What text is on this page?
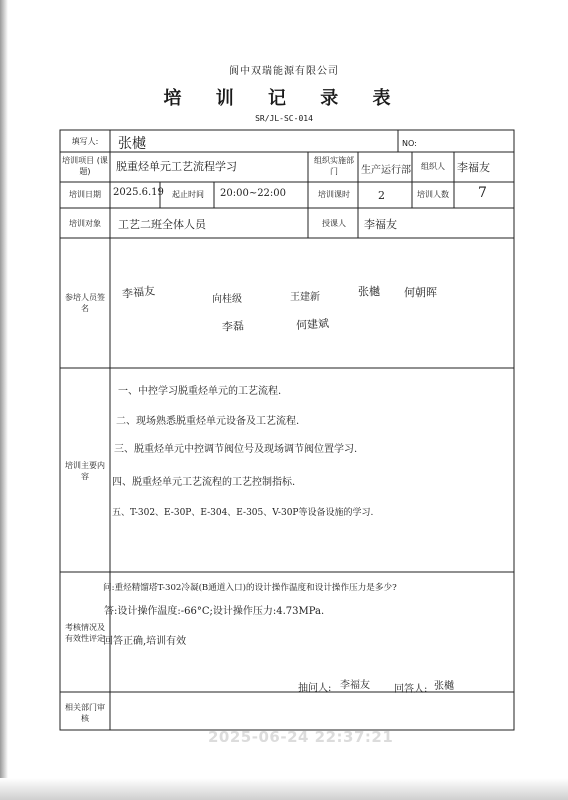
阆中双瑞能源有限公司
培 训 记 录 表
SR/JL-SC-014
填写人:	张樾	NO:
培训项目 (课题)	脱重烃单元工艺流程学习	组织实施部门	生产运行部	组织人	李福友
培训日期	2025.6.19	起止时间	20:00~22:00	培训课时	2	培训人数 7
培训对象	工艺二班全体人员	授课人	李福友
参培人员签名
李福友	向桂级	王建新	张樾 何朝晖
李磊	何建斌
培训主要内容
一、中控学习脱重烃单元的工艺流程.
二、现场熟悉脱重烃单元设备及工艺流程.
三、脱重烃单元中控调节阀位号及现场调节阀位置学习.
四、脱重烃单元工艺流程的工艺控制指标.
五、T-302、E-30P、E-304、E-305、V-30P等设备设施的学习.
考核情况及有效性评定
问:重烃精馏塔T-302冷凝(B通道入口)的设计操作温度和设计操作压力是多少?
答:设计操作温度:-66°C;设计操作压力:4.73MPa.
回答正确,培训有效
抽问人: 李福友 回答人: 张樾
相关部门审核
2025-06-24 22:37:21
